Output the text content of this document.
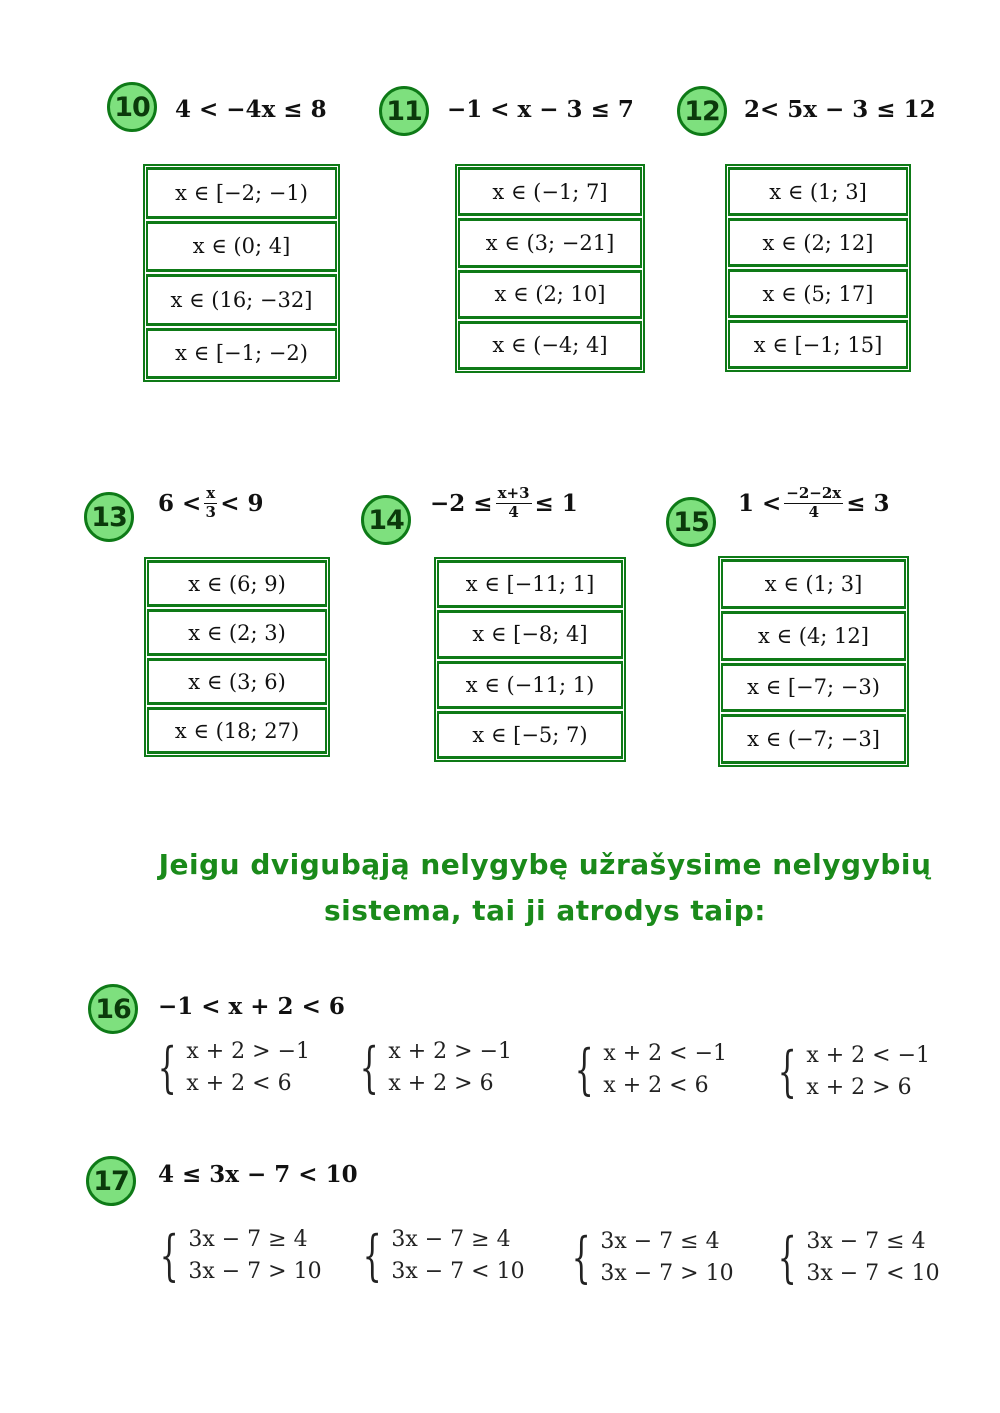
10	4 < −4x ≤ 8
x ∈ [−2; −1)
x ∈ (0; 4]
x ∈ (16; −32]
x ∈ [−1; −2)
11	−1 < x − 3 ≤ 7
x ∈ (−1; 7]
x ∈ (3; −21]
x ∈ (2; 10]
x ∈ (−4; 4]
12	2< 5x − 3 ≤ 12
x ∈ (1; 3]
x ∈ (2; 12]
x ∈ (5; 17]
x ∈ [−1; 15]
13	$6 < \frac{x}{3} < 9$
x ∈ (6; 9)
x ∈ (2; 3)
x ∈ (3; 6)
x ∈ (18; 27)
14
$-2 \le \frac{x+3}{4} \le 1$
x ∈ [−11; 1]
x ∈ [−8; 4]
x ∈ (−11; 1)
x ∈ [−5; 7)
15
$1 < \frac{-2-2x}{4} \le 3$
x ∈ (1; 3]
x ∈ (4; 12]
x ∈ [−7; −3)
x ∈ (−7; −3]
Jeigu dvigubąją nelygybę užrašysime nelygybių
sistema, tai ji atrodys taip:
16	−1 < x + 2 < 6
{ x + 2 > −1
x + 2 < 6	{ x + 2 > −1
x + 2 > 6	{ x + 2 < −1
x + 2 < 6	{ x + 2 < −1
x + 2 > 6
17	4 ≤ 3x − 7 < 10
{ 3x − 7 ≥ 4
3x − 7 > 10 { 3x − 7 ≥ 4
3x − 7 < 10 { 3x − 7 ≤ 4
3x − 7 > 10 { 3x − 7 ≤ 4
3x − 7 < 10
